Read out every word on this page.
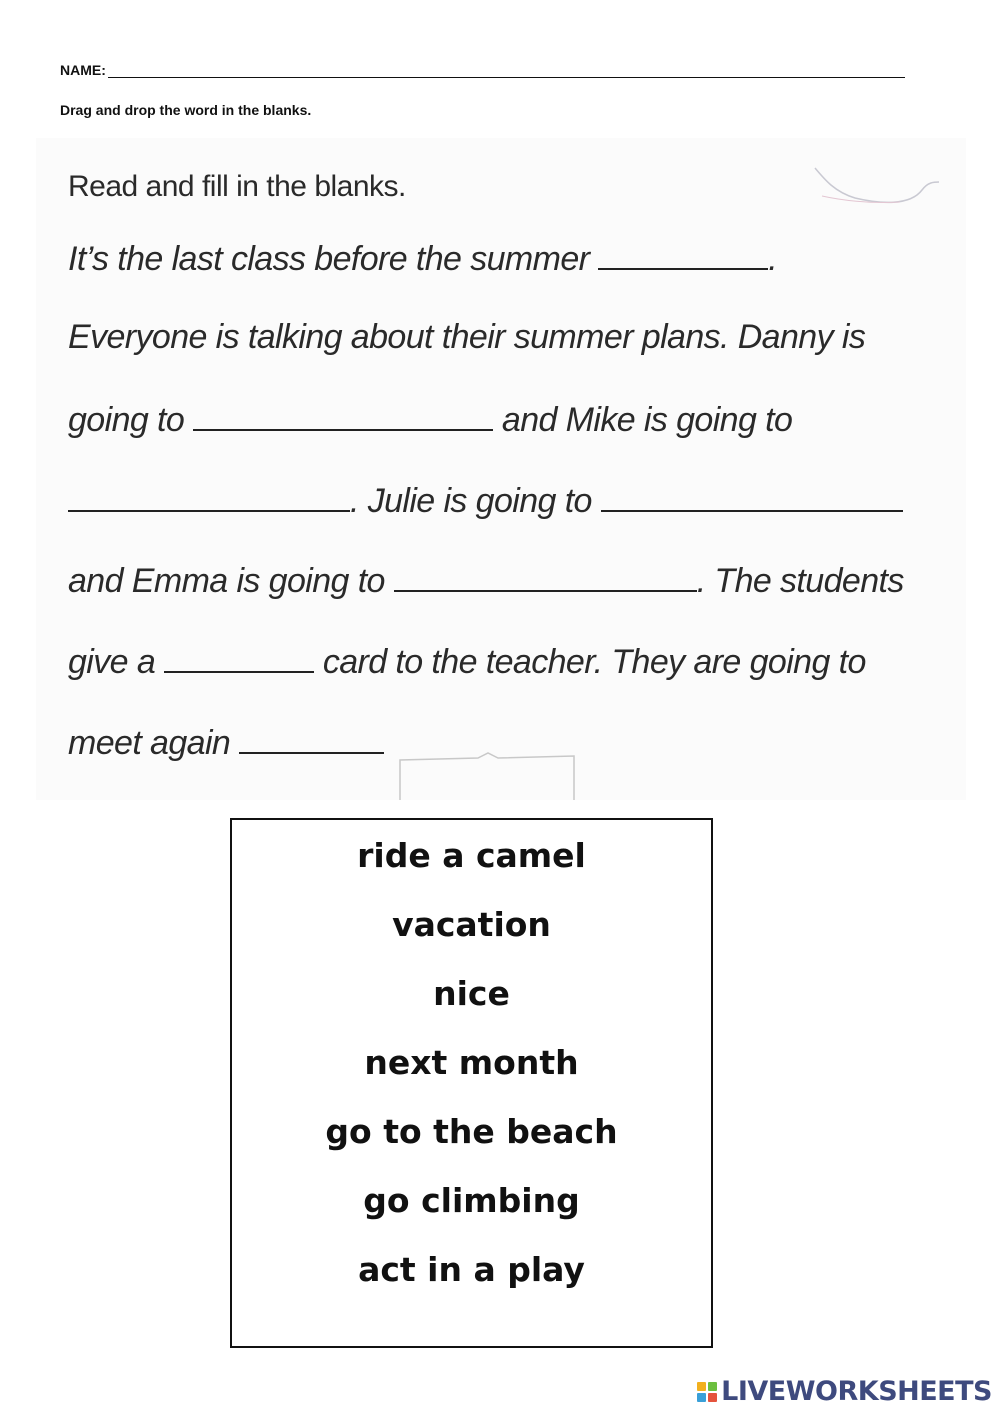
NAME:
Drag and drop the word in the blanks.
Read and fill in the blanks.
It’s the last class before the summer	.
Everyone is talking about their summer plans. Danny is
going to	and Mike is going to
. Julie is going to
and Emma is going to	. The students
give a	card to the teacher. They are going to
meet again
ride a camel
vacation
nice
next month
go to the beach
go climbing
act in a play
LIVEWORKSHEETS
